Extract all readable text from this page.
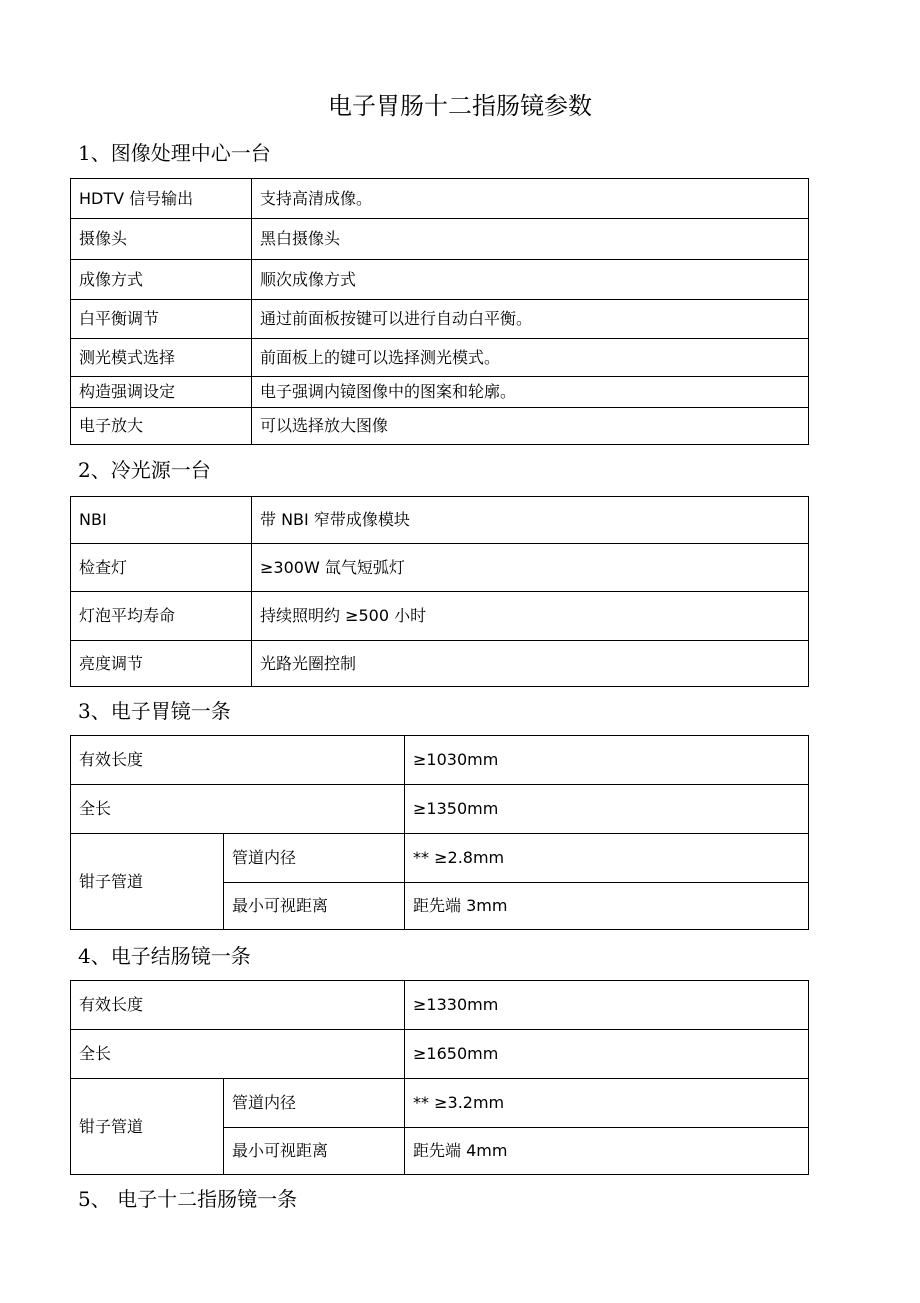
电子胃肠十二指肠镜参数
1、图像处理中心一台
HDTV 信号输出	支持高清成像。
摄像头	黑白摄像头
成像方式	顺次成像方式
白平衡调节	通过前面板按键可以进行自动白平衡。
测光模式选择	前面板上的键可以选择测光模式。
构造强调设定	电子强调内镜图像中的图案和轮廓。
电子放大	可以选择放大图像
2、冷光源一台
NBI	带 NBI 窄带成像模块
检查灯	≥300W 氙气短弧灯
灯泡平均寿命	持续照明约 ≥500 小时
亮度调节	光路光圈控制
3、电子胃镜一条
有效长度		≥1030mm
全长		≥1350mm
钳子管道	管道内径	** ≥2.8mm
	最小可视距离	距先端 3mm
4、电子结肠镜一条
有效长度		≥1330mm
全长		≥1650mm
钳子管道	管道内径	** ≥3.2mm
	最小可视距离	距先端 4mm
5、 电子十二指肠镜一条
